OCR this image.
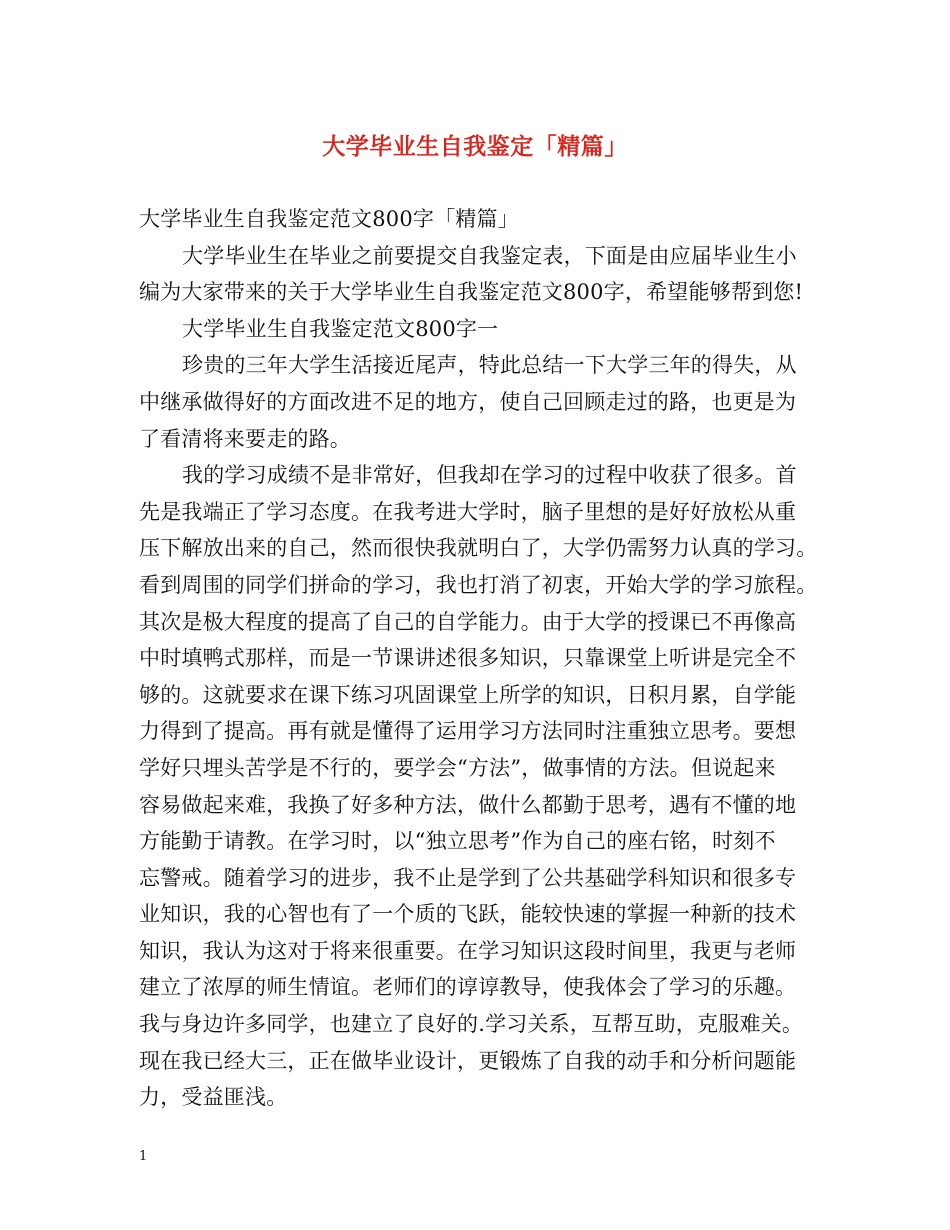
大学毕业生自我鉴定「精篇」

大学毕业生自我鉴定范文800字「精篇」

大学毕业生在毕业之前要提交自我鉴定表，下面是由应届毕业生小

编为大家带来的关于大学毕业生自我鉴定范文800字，希望能够帮到您!

大学毕业生自我鉴定范文800字一

珍贵的三年大学生活接近尾声，特此总结一下大学三年的得失，从

中继承做得好的方面改进不足的地方，使自己回顾走过的路，也更是为

了看清将来要走的路。

我的学习成绩不是非常好，但我却在学习的过程中收获了很多。首

先是我端正了学习态度。在我考进大学时，脑子里想的是好好放松从重

压下解放出来的自己，然而很快我就明白了，大学仍需努力认真的学习。

看到周围的同学们拼命的学习，我也打消了初衷，开始大学的学习旅程。

其次是极大程度的提高了自己的自学能力。由于大学的授课已不再像高

中时填鸭式那样，而是一节课讲述很多知识，只靠课堂上听讲是完全不

够的。这就要求在课下练习巩固课堂上所学的知识，日积月累，自学能

力得到了提高。再有就是懂得了运用学习方法同时注重独立思考。要想

学好只埋头苦学是不行的，要学会“方法”，做事情的方法。但说起来

容易做起来难，我换了好多种方法，做什么都勤于思考，遇有不懂的地

方能勤于请教。在学习时，以“独立思考”作为自己的座右铭，时刻不

忘警戒。随着学习的进步，我不止是学到了公共基础学科知识和很多专

业知识，我的心智也有了一个质的飞跃，能较快速的掌握一种新的技术

知识，我认为这对于将来很重要。在学习知识这段时间里，我更与老师

建立了浓厚的师生情谊。老师们的谆谆教导，使我体会了学习的乐趣。

我与身边许多同学，也建立了良好的.学习关系，互帮互助，克服难关。

现在我已经大三，正在做毕业设计，更锻炼了自我的动手和分析问题能

力，受益匪浅。

1
